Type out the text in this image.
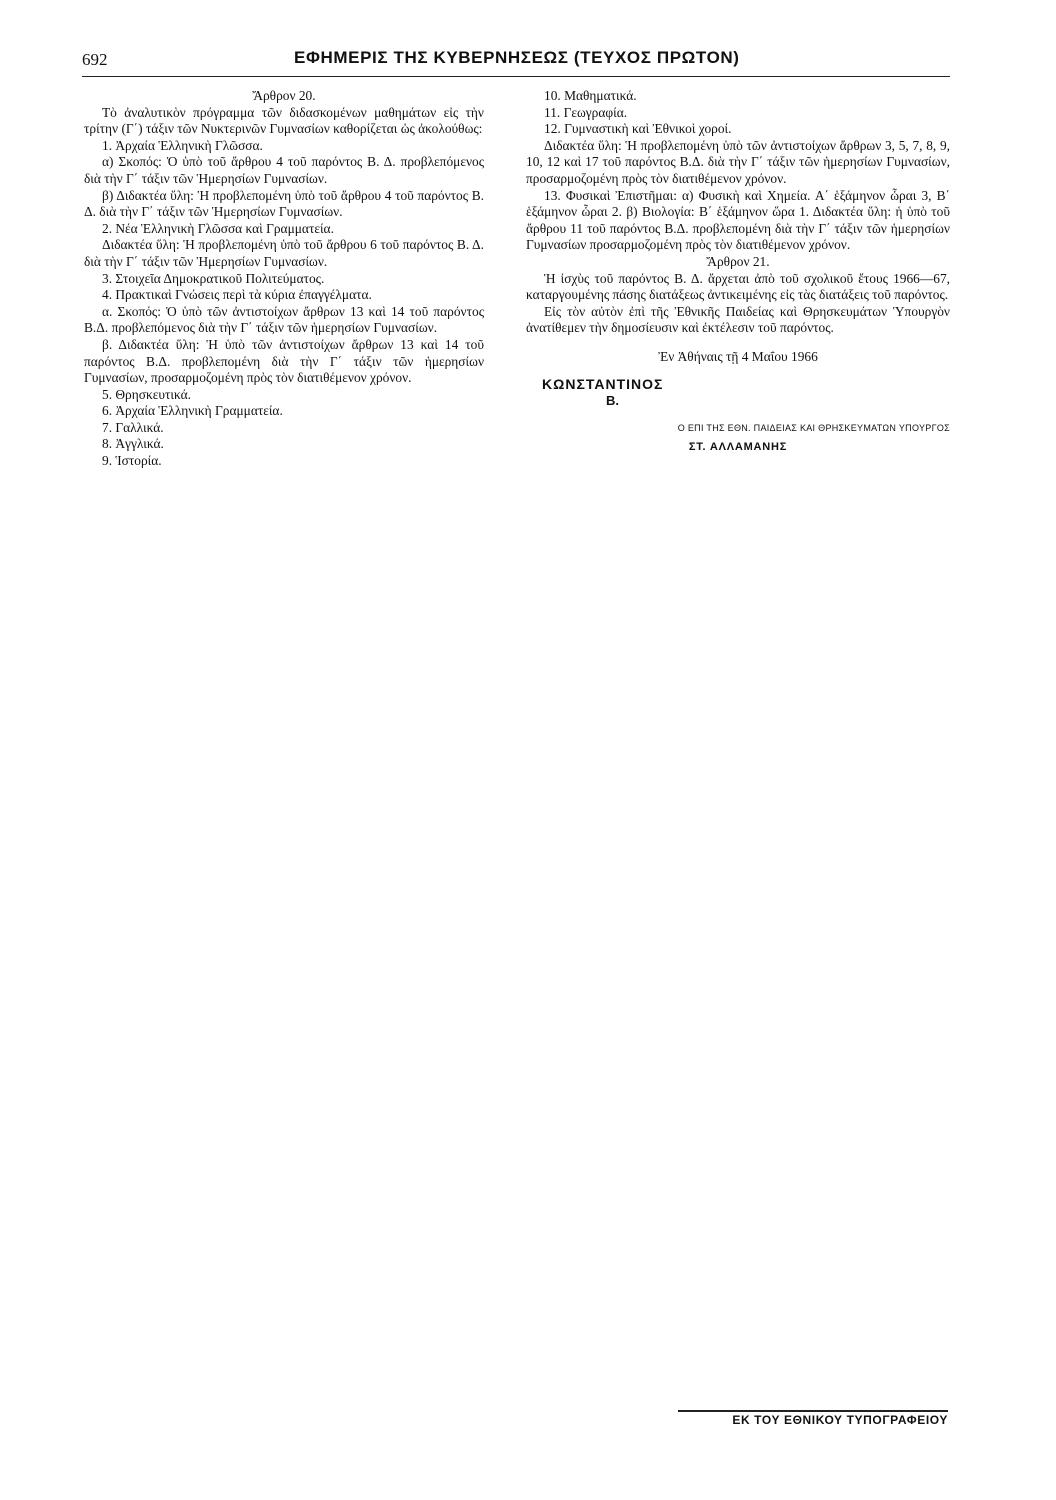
692	ΕΦΗΜΕΡΙΣ ΤΗΣ ΚΥΒΕΡΝΗΣΕΩΣ (ΤΕΥΧΟΣ ΠΡΩΤΟΝ)

Ἄρθρον 20.

Τὸ ἀναλυτικὸν πρόγραμμα τῶν διδασκομένων μαθημάτων εἰς τὴν τρίτην (Γ΄) τάξιν τῶν Νυκτερινῶν Γυμνασίων καθορίζεται ὡς ἀκολούθως:

1. Ἀρχαία Ἑλληνικὴ Γλῶσσα.

α) Σκοπός: Ὁ ὑπὸ τοῦ ἄρθρου 4 τοῦ παρόντος Β. Δ. προβλεπόμενος διὰ τὴν Γ΄ τάξιν τῶν Ἡμερησίων Γυμνασίων.

β) Διδακτέα ὕλη: Ἡ προβλεπομένη ὑπὸ τοῦ ἄρθρου 4 τοῦ παρόντος Β. Δ. διὰ τὴν Γ΄ τάξιν τῶν Ἡμερησίων Γυμνασίων.

2. Νέα Ἑλληνικὴ Γλῶσσα καὶ Γραμματεία.

Διδακτέα ὕλη: Ἡ προβλεπομένη ὑπὸ τοῦ ἄρθρου 6 τοῦ παρόντος Β. Δ. διὰ τὴν Γ΄ τάξιν τῶν Ἡμερησίων Γυμνασίων.

3. Στοιχεῖα Δημοκρατικοῦ Πολιτεύματος.

4. Πρακτικαὶ Γνώσεις περὶ τὰ κύρια ἐπαγγέλματα.

α. Σκοπός: Ὁ ὑπὸ τῶν ἀντιστοίχων ἄρθρων 13 καὶ 14 τοῦ παρόντος Β.Δ. προβλεπόμενος διὰ τὴν Γ΄ τάξιν τῶν ἡμερησίων Γυμνασίων.

β. Διδακτέα ὕλη: Ἡ ὑπὸ τῶν ἀντιστοίχων ἄρθρων 13 καὶ 14 τοῦ παρόντος Β.Δ. προβλεπομένη διὰ τὴν Γ΄ τάξιν τῶν ἡμερησίων Γυμνασίων, προσαρμοζομένη πρὸς τὸν διατιθέμενον χρόνον.

5. Θρησκευτικά.

6. Ἀρχαία Ἑλληνικὴ Γραμματεία.

7. Γαλλικά.

8. Ἀγγλικά.

9. Ἱστορία.

10. Μαθηματικά.

11. Γεωγραφία.

12. Γυμναστικὴ καὶ Ἐθνικοὶ χοροί.

Διδακτέα ὕλη: Ἡ προβλεπομένη ὑπὸ τῶν ἀντιστοίχων ἄρθρων 3, 5, 7, 8, 9, 10, 12 καὶ 17 τοῦ παρόντος Β.Δ. διὰ τὴν Γ΄ τάξιν τῶν ἡμερησίων Γυμνασίων, προσαρμοζομένη πρὸς τὸν διατιθέμενον χρόνον.

13. Φυσικαὶ Ἐπιστῆμαι: α) Φυσικὴ καὶ Χημεία. Α΄ ἑξάμηνον ὧραι 3, Β΄ ἑξάμηνον ὧραι 2. β) Βιολογία: Β΄ ἑξάμηνον ὥρα 1. Διδακτέα ὕλη: ἡ ὑπὸ τοῦ ἄρθρου 11 τοῦ παρόντος Β.Δ. προβλεπομένη διὰ τὴν Γ΄ τάξιν τῶν ἡμερησίων Γυμνασίων προσαρμοζομένη πρὸς τὸν διατιθέμενον χρόνον.

Ἄρθρον 21.

Ἡ ἰσχὺς τοῦ παρόντος Β. Δ. ἄρχεται ἀπὸ τοῦ σχολικοῦ ἔτους 1966—67, καταργουμένης πάσης διατάξεως ἀντικειμένης εἰς τὰς διατάξεις τοῦ παρόντος.

Εἰς τὸν αὐτὸν ἐπὶ τῆς Ἐθνικῆς Παιδείας καὶ Θρησκευμάτων Ὑπουργὸν ἀνατίθεμεν τὴν δημοσίευσιν καὶ ἐκτέλεσιν τοῦ παρόντος.

Ἐν Ἀθήναις τῇ 4 Μαΐου 1966

ΚΩΝΣΤΑΝΤΙΝΟΣ

Β.

Ο ΕΠΙ ΤΗΣ ΕΘΝ. ΠΑΙΔΕΙΑΣ ΚΑΙ ΘΡΗΣΚΕΥΜΑΤΩΝ ΥΠΟΥΡΓΟΣ

ΣΤ. ΑΛΛΑΜΑΝΗΣ

ΕΚ ΤΟΥ ΕΘΝΙΚΟΥ ΤΥΠΟΓΡΑΦΕΙΟΥ
